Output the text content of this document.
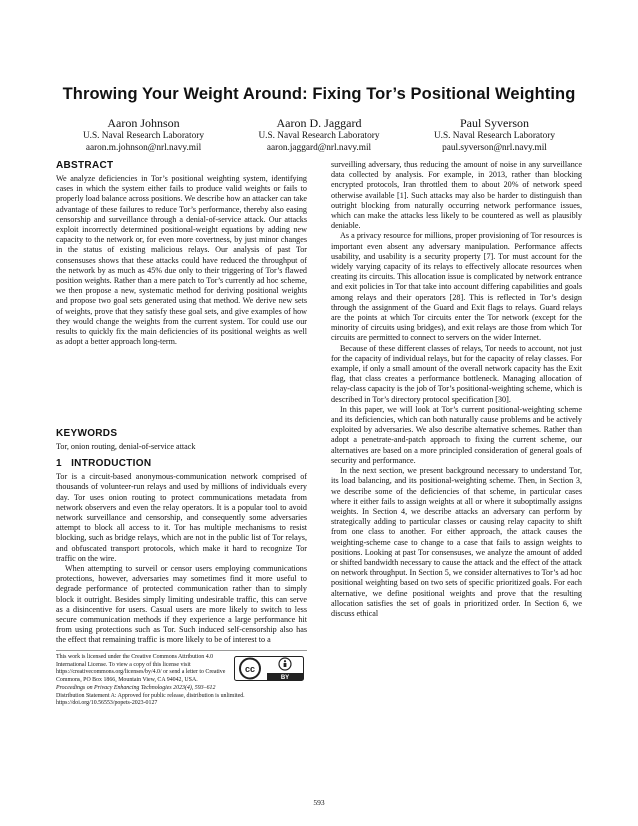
Throwing Your Weight Around: Fixing Tor’s Positional Weighting
Aaron Johnson
U.S. Naval Research Laboratory
aaron.m.johnson@nrl.navy.mil
Aaron D. Jaggard
U.S. Naval Research Laboratory
aaron.jaggard@nrl.navy.mil
Paul Syverson
U.S. Naval Research Laboratory
paul.syverson@nrl.navy.mil
ABSTRACT

We analyze deficiencies in Tor’s positional weighting system, identifying cases in which the system either fails to produce valid weights or fails to properly load balance across positions. We describe how an attacker can take advantage of these failures to reduce Tor’s performance, thereby also easing censorship and surveillance through a denial-of-service attack. Our attacks exploit incorrectly determined positional-weight equations by adding new capacity to the network or, for even more covertness, by just minor changes in the status of existing malicious relays. Our analysis of past Tor consensuses shows that these attacks could have reduced the throughput of the network by as much as 45% due only to their triggering of Tor’s flawed position weights. Rather than a mere patch to Tor’s currently ad hoc scheme, we then propose a new, systematic method for deriving positional weights and propose two goal sets generated using that method. We derive new sets of weights, prove that they satisfy these goal sets, and give examples of how they would change the weights from the current system. Tor could use our results to quickly fix the main deficiencies of its positional weights as well as adopt a better approach long-term.

KEYWORDS

Tor, onion routing, denial-of-service attack

1   INTRODUCTION

Tor is a circuit-based anonymous-communication network comprised of thousands of volunteer-run relays and used by millions of individuals every day. Tor uses onion routing to protect communications metadata from network observers and even the relay operators. It is a popular tool to avoid network surveillance and censorship, and consequently some adversaries attempt to block all access to it. Tor has multiple mechanisms to resist blocking, such as bridge relays, which are not in the public list of Tor relays, and obfuscated transport protocols, which make it hard to recognize Tor traffic on the wire.

When attempting to surveil or censor users employing communications protections, however, adversaries may sometimes find it more useful to degrade performance of protected communication rather than to simply block it outright. Besides simply limiting undesirable traffic, this can serve as a disincentive for users. Casual users are more likely to switch to less secure communication methods if they experience a large performance hit from using protections such as Tor. Such induced self-censorship also has the effect that remaining traffic is more likely to be of interest to a

surveilling adversary, thus reducing the amount of noise in any surveillance data collected by analysis. For example, in 2013, rather than blocking encrypted protocols, Iran throttled them to about 20% of network speed otherwise available [1]. Such attacks may also be harder to distinguish than outright blocking from naturally occurring network performance issues, which can make the attacks less likely to be countered as well as plausibly deniable.

As a privacy resource for millions, proper provisioning of Tor resources is important even absent any adversary manipulation. Performance affects usability, and usability is a security property [7]. Tor must account for the widely varying capacity of its relays to effectively allocate resources when creating its circuits. This allocation issue is complicated by network entrance and exit policies in Tor that take into account differing capabilities and goals among relays and their operators [28]. This is reflected in Tor’s design through the assignment of the Guard and Exit flags to relays. Guard relays are the points at which Tor circuits enter the Tor network (except for the minority of circuits using bridges), and exit relays are those from which Tor circuits are permitted to connect to servers on the wider Internet.

Because of these different classes of relays, Tor needs to account, not just for the capacity of individual relays, but for the capacity of relay classes. For example, if only a small amount of the overall network capacity has the Exit flag, that class creates a performance bottleneck. Managing allocation of relay-class capacity is the job of Tor’s positional-weighting scheme, which is described in Tor’s directory protocol specification [30].

In this paper, we will look at Tor’s current positional-weighting scheme and its deficiencies, which can both naturally cause problems and be actively exploited by adversaries. We also describe alternative schemes. Rather than adopt a penetrate-and-patch approach to fixing the current scheme, our alternatives are based on a more principled consideration of general goals of security and performance.

In the next section, we present background necessary to understand Tor, its load balancing, and its positional-weighting scheme. Then, in Section 3, we describe some of the deficiencies of that scheme, in particular cases where it either fails to assign weights at all or where it suboptimally assigns weights. In Section 4, we describe attacks an adversary can perform by strategically adding to particular classes or causing relay capacity to shift from one class to another. For either approach, the attack causes the weighting-scheme case to change to a case that fails to assign weights to positions. Looking at past Tor consensuses, we analyze the amount of added or shifted bandwidth necessary to cause the attack and the effect of the attack on network throughput. In Section 5, we consider alternatives to Tor’s ad hoc positional weighting based on two sets of specific prioritized goals. For each alternative, we define positional weights and prove that the resulting allocation satisfies the set of goals in prioritized order. In Section 6, we discuss ethical

This work is licensed under the Creative Commons Attribution 4.0 International License. To view a copy of this license visit https://creativecommons.org/licenses/by/4.0/ or send a letter to Creative Commons, PO Box 1866, Mountain View, CA 94042, USA.
cc
BY
Proceedings on Privacy Enhancing Technologies 2023(4), 593–612
Distribution Statement A: Approved for public release, distribution is unlimited.
https://doi.org/10.56553/popets-2023-0127
593
